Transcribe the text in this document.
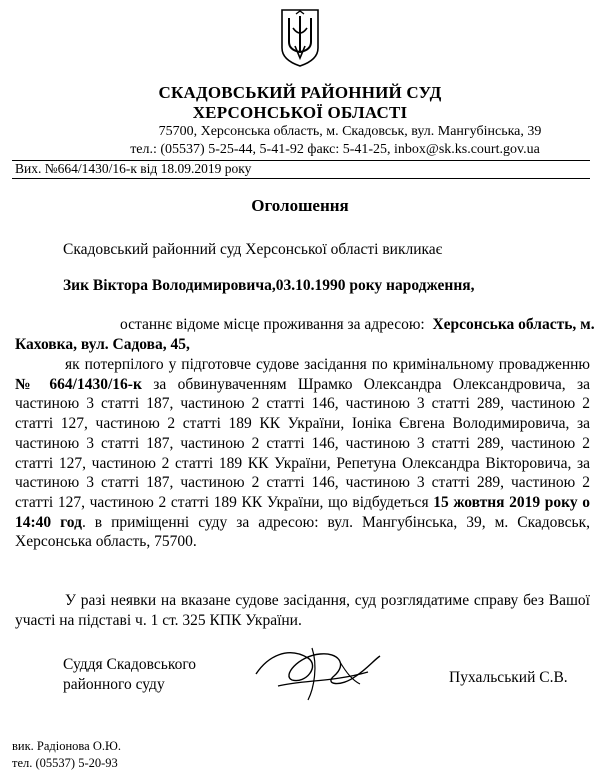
СКАДОВСЬКИЙ РАЙОННИЙ СУД
ХЕРСОНСЬКОЇ ОБЛАСТІ
75700, Херсонська область, м. Скадовськ, вул. Мангубінська, 39
тел.: (05537) 5-25-44, 5-41-92 факс: 5-41-25, inbox@sk.ks.court.gov.ua
Вих. №664/1430/16-к від 18.09.2019 року
Оголошення
Скадовський районний суд Херсонської області викликає
Зик Віктора Володимировича,03.10.1990 року народження,
останнє відоме місце проживання за адресою: Херсонська область, м.
Каховка, вул. Садова, 45,
як потерпілого у підготовче судове засідання по кримінальному провадженню № 664/1430/16-к за обвинуваченням Шрамко Олександра Олександровича, за частиною 3 статті 187, частиною 2 статті 146, частиною 3 статті 289, частиною 2 статті 127, частиною 2 статті 189 КК України, Іоніка Євгена Володимировича, за частиною 3 статті 187, частиною 2 статті 146, частиною 3 статті 289, частиною 2 статті 127, частиною 2 статті 189 КК України, Репетуна Олександра Вікторовича, за частиною 3 статті 187, частиною 2 статті 146, частиною 3 статті 289, частиною 2 статті 127, частиною 2 статті 189 КК України, що відбудеться 15 жовтня 2019 року о 14:40 год. в приміщенні суду за адресою: вул. Мангубінська, 39, м. Скадовськ, Херсонська область, 75700.
У разі неявки на вказане судове засідання, суд розглядатиме справу без Вашої участі на підставі ч. 1 ст. 325 КПК України.
Суддя Скадовського
районного суду	Пухальський С.В.
вик. Радіонова О.Ю.
тел. (05537) 5-20-93
